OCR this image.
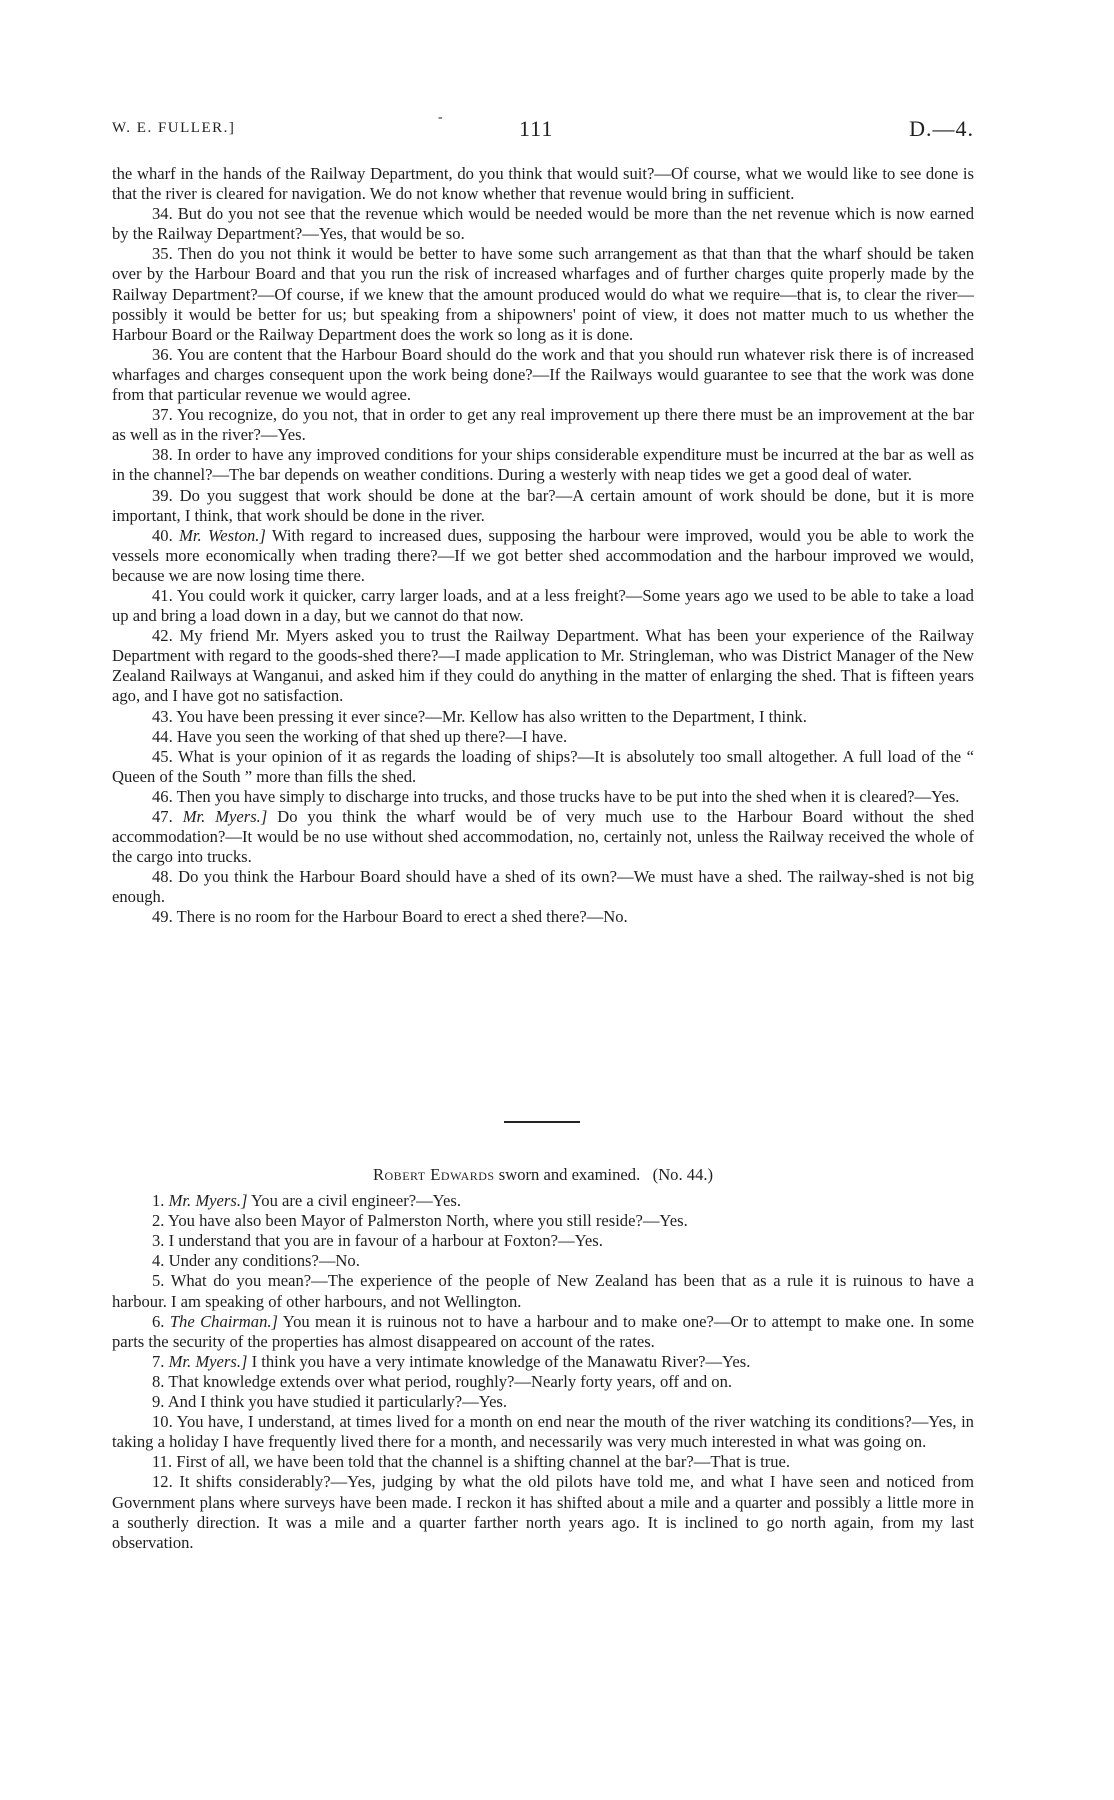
W. E. FULLER.]
-	111	D.—4.

the wharf in the hands of the Railway Department, do you think that would suit?—Of course, what we would like to see done is that the river is cleared for navigation. We do not know whether that revenue would bring in sufficient.

34. But do you not see that the revenue which would be needed would be more than the net revenue which is now earned by the Railway Department?—Yes, that would be so.

35. Then do you not think it would be better to have some such arrangement as that than that the wharf should be taken over by the Harbour Board and that you run the risk of increased wharfages and of further charges quite properly made by the Railway Department?—Of course, if we knew that the amount produced would do what we require—that is, to clear the river—possibly it would be better for us; but speaking from a shipowners' point of view, it does not matter much to us whether the Harbour Board or the Railway Department does the work so long as it is done.

36. You are content that the Harbour Board should do the work and that you should run whatever risk there is of increased wharfages and charges consequent upon the work being done?—If the Railways would guarantee to see that the work was done from that particular revenue we would agree.

37. You recognize, do you not, that in order to get any real improvement up there there must be an improvement at the bar as well as in the river?—Yes.

38. In order to have any improved conditions for your ships considerable expenditure must be incurred at the bar as well as in the channel?—The bar depends on weather conditions. During a westerly with neap tides we get a good deal of water.

39. Do you suggest that work should be done at the bar?—A certain amount of work should be done, but it is more important, I think, that work should be done in the river.

40. Mr. Weston.] With regard to increased dues, supposing the harbour were improved, would you be able to work the vessels more economically when trading there?—If we got better shed accommodation and the harbour improved we would, because we are now losing time there.

41. You could work it quicker, carry larger loads, and at a less freight?—Some years ago we used to be able to take a load up and bring a load down in a day, but we cannot do that now.

42. My friend Mr. Myers asked you to trust the Railway Department. What has been your experience of the Railway Department with regard to the goods-shed there?—I made application to Mr. Stringleman, who was District Manager of the New Zealand Railways at Wanganui, and asked him if they could do anything in the matter of enlarging the shed. That is fifteen years ago, and I have got no satisfaction.

43. You have been pressing it ever since?—Mr. Kellow has also written to the Department, I think.

44. Have you seen the working of that shed up there?—I have.

45. What is your opinion of it as regards the loading of ships?—It is absolutely too small altogether. A full load of the “ Queen of the South ” more than fills the shed.

46. Then you have simply to discharge into trucks, and those trucks have to be put into the shed when it is cleared?—Yes.

47. Mr. Myers.] Do you think the wharf would be of very much use to the Harbour Board without the shed accommodation?—It would be no use without shed accommodation, no, certainly not, unless the Railway received the whole of the cargo into trucks.

48. Do you think the Harbour Board should have a shed of its own?—We must have a shed. The railway-shed is not big enough.

49. There is no room for the Harbour Board to erect a shed there?—No.

Robert Edwards sworn and examined. (No. 44.)

1. Mr. Myers.] You are a civil engineer?—Yes.

2. You have also been Mayor of Palmerston North, where you still reside?—Yes.

3. I understand that you are in favour of a harbour at Foxton?—Yes.

4. Under any conditions?—No.

5. What do you mean?—The experience of the people of New Zealand has been that as a rule it is ruinous to have a harbour. I am speaking of other harbours, and not Wellington.

6. The Chairman.] You mean it is ruinous not to have a harbour and to make one?—Or to attempt to make one. In some parts the security of the properties has almost disappeared on account of the rates.

7. Mr. Myers.] I think you have a very intimate knowledge of the Manawatu River?—Yes.

8. That knowledge extends over what period, roughly?—Nearly forty years, off and on.

9. And I think you have studied it particularly?—Yes.

10. You have, I understand, at times lived for a month on end near the mouth of the river watching its conditions?—Yes, in taking a holiday I have frequently lived there for a month, and necessarily was very much interested in what was going on.

11. First of all, we have been told that the channel is a shifting channel at the bar?—That is true.

12. It shifts considerably?—Yes, judging by what the old pilots have told me, and what I have seen and noticed from Government plans where surveys have been made. I reckon it has shifted about a mile and a quarter and possibly a little more in a southerly direction. It was a mile and a quarter farther north years ago. It is inclined to go north again, from my last observation.
